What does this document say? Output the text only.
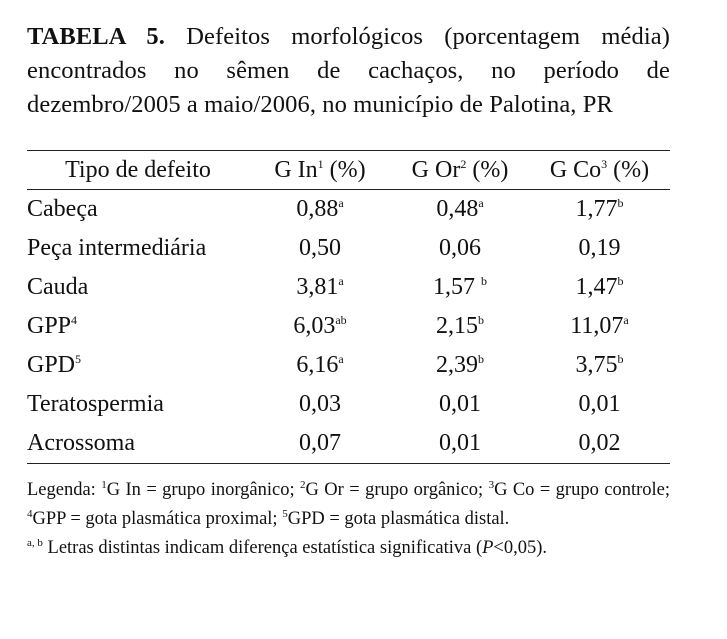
TABELA 5. Defeitos morfológicos (porcentagem média) encontrados no sêmen de cachaços, no período de dezembro/2005 a maio/2006, no município de Palotina, PR
Tipo de defeito	G In$^1$ (%)	G Or$^2$ (%)	G Co$^3$ (%)
Cabeça	0,88$^a$	0,48$^a$	1,77$^b$
Peça intermediária	0,50	0,06	0,19
Cauda	3,81$^a$	1,57 $^b$	1,47$^b$
GPP$^4$	6,03$^{ab}$	2,15$^b$	11,07$^a$
GPD$^5$	6,16$^a$	2,39$^b$	3,75$^b$
Teratospermia	0,03	0,01	0,01
Acrossoma	0,07	0,01	0,02
Legenda: $^1$G In = grupo inorgânico; $^2$G Or = grupo orgânico; $^3$G Co = grupo controle; $^4$GPP = gota plasmática proximal; $^5$GPD = gota plasmática distal.
$^{a, b}$ Letras distintas indicam diferença estatística significativa (P<0,05).
